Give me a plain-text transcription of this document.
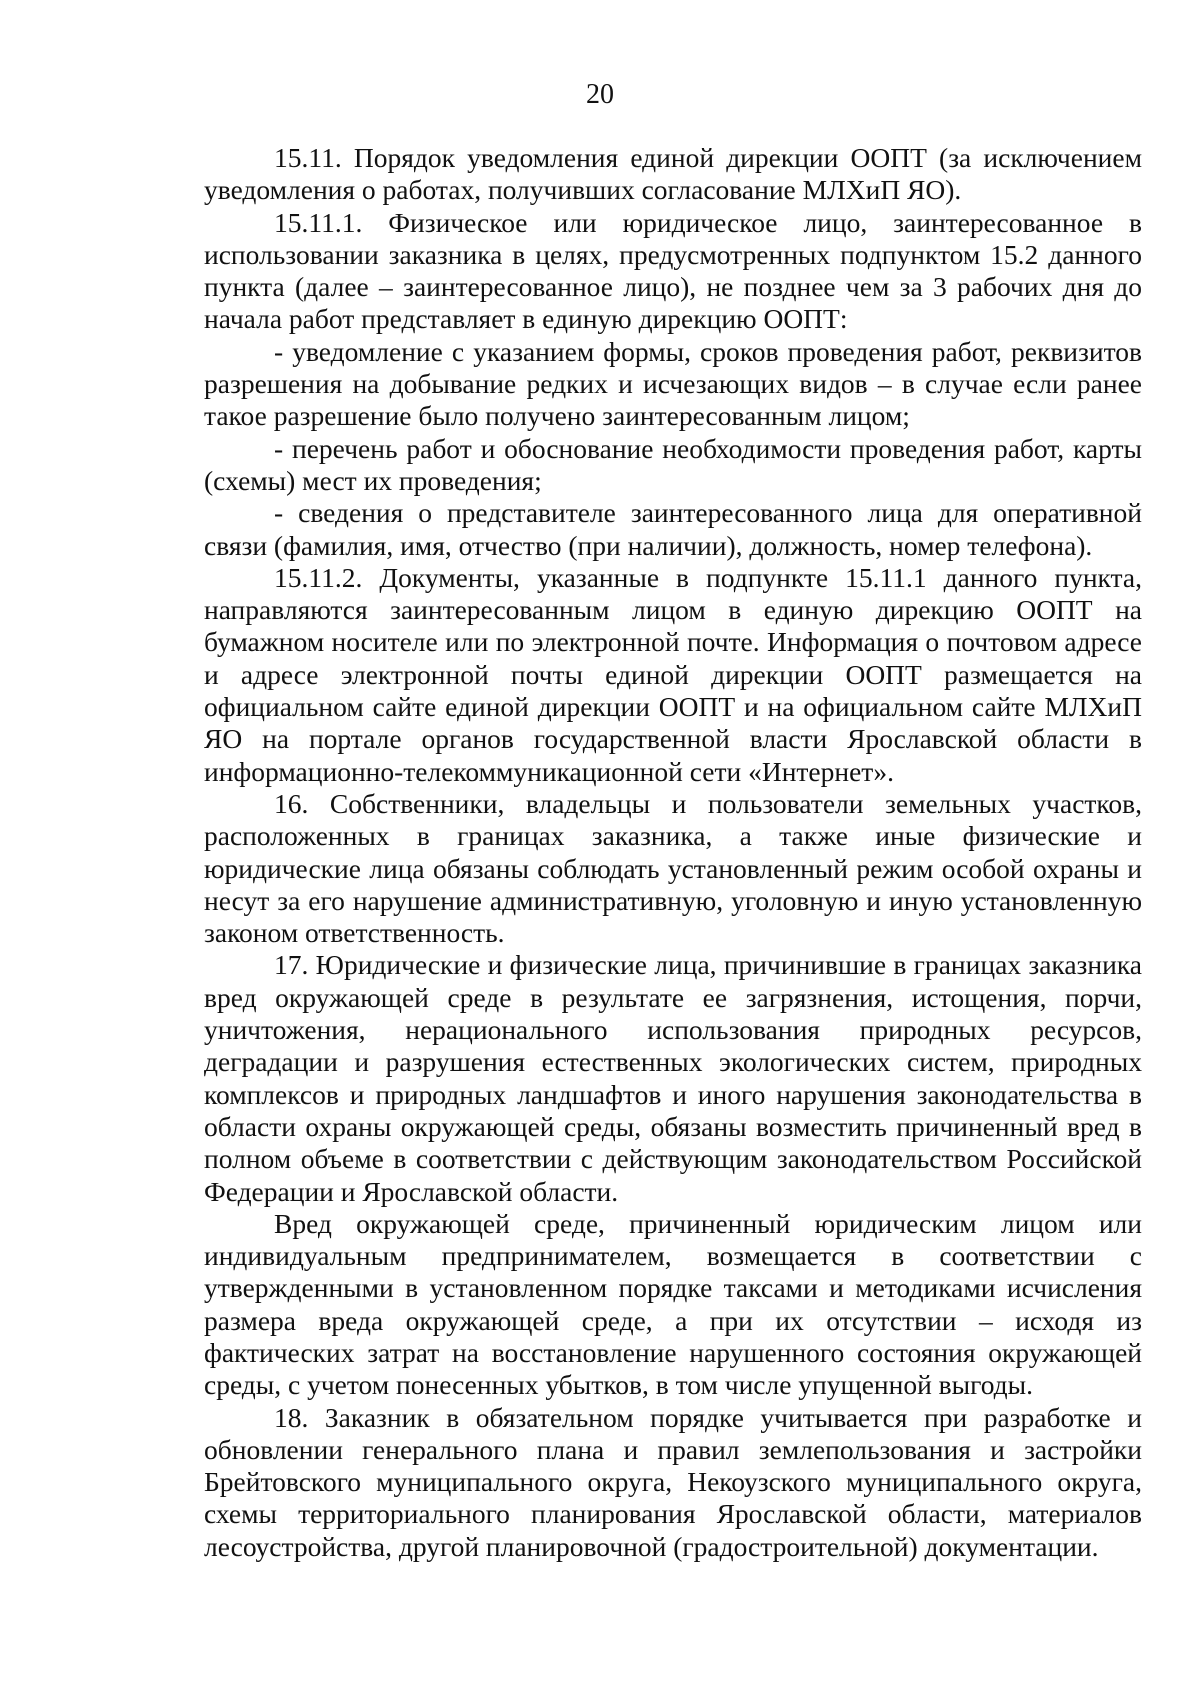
20

15.11. Порядок уведомления единой дирекции ООПТ (за исключением уведомления о работах, получивших согласование МЛХиП ЯО).

15.11.1. Физическое или юридическое лицо, заинтересованное в использовании заказника в целях, предусмотренных подпунктом 15.2 данного пункта (далее – заинтересованное лицо), не позднее чем за 3 рабочих дня до начала работ представляет в единую дирекцию ООПТ:

- уведомление с указанием формы, сроков проведения работ, реквизитов разрешения на добывание редких и исчезающих видов – в случае если ранее такое разрешение было получено заинтересованным лицом;

- перечень работ и обоснование необходимости проведения работ, карты (схемы) мест их проведения;

- сведения о представителе заинтересованного лица для оперативной связи (фамилия, имя, отчество (при наличии), должность, номер телефона).

15.11.2. Документы, указанные в подпункте 15.11.1 данного пункта, направляются заинтересованным лицом в единую дирекцию ООПТ на бумажном носителе или по электронной почте. Информация о почтовом адресе и адресе электронной почты единой дирекции ООПТ размещается на официальном сайте единой дирекции ООПТ и на официальном сайте МЛХиП ЯО на портале органов государственной власти Ярославской области в информационно-телекоммуникационной сети «Интернет».

16. Собственники, владельцы и пользователи земельных участков, расположенных в границах заказника, а также иные физические и юридические лица обязаны соблюдать установленный режим особой охраны и несут за его нарушение административную, уголовную и иную установленную законом ответственность.

17. Юридические и физические лица, причинившие в границах заказника вред окружающей среде в результате ее загрязнения, истощения, порчи, уничтожения, нерационального использования природных ресурсов, деградации и разрушения естественных экологических систем, природных комплексов и природных ландшафтов и иного нарушения законодательства в области охраны окружающей среды, обязаны возместить причиненный вред в полном объеме в соответствии с действующим законодательством Российской Федерации и Ярославской области.

Вред окружающей среде, причиненный юридическим лицом или индивидуальным предпринимателем, возмещается в соответствии с утвержденными в установленном порядке таксами и методиками исчисления размера вреда окружающей среде, а при их отсутствии – исходя из фактических затрат на восстановление нарушенного состояния окружающей среды, с учетом понесенных убытков, в том числе упущенной выгоды.

18. Заказник в обязательном порядке учитывается при разработке и обновлении генерального плана и правил землепользования и застройки Брейтовского муниципального округа, Некоузского муниципального округа, схемы территориального планирования Ярославской области, материалов лесоустройства, другой планировочной (градостроительной) документации.
